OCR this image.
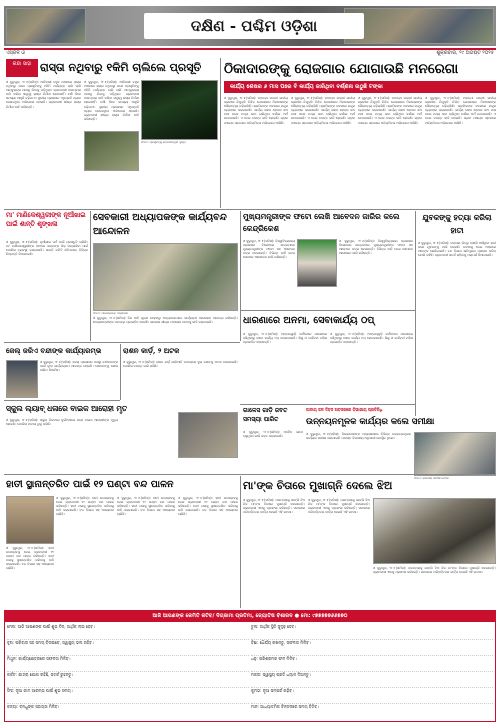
ଦକ୍ଷିଣ - ପଶ୍ଚିମ ଓଡ଼ିଶା
ଏସ୍‌ଜଳ ଓ	ଶୁକ୍ରବାର, ୨୯ ଅଗଷ୍ଟ ୨୦୨୫
କନ୍ଦା ସାହା ରାସ୍ତା ନଥିବାରୁ ୧କିମି ଚାଲିଲେ ପ୍ରସୂତି
ଓ ଦୁରୁପୁର, ୨୮।୮(ସମିସ): ଆଦିବାସୀ ବହୁଳ ଅଞ୍ଚଳରେ ରାସ୍ତା ନଥିବାରୁ ଜଣେ ପ୍ରସୂତିଙ୍କୁ ୧କିମି ପର୍ଯ୍ୟନ୍ତ ଚାଲି ଚାଲି ଆମ୍ବୁଲାନ୍ସ ପାଖକୁ ଯିବାକୁ ପଡ଼ିଥିଲା। ଗ୍ରାମବାସୀ ବାରମ୍ବାର ଦାବି କରିବା ସତ୍ତ୍ୱେ ରାସ୍ତା ନିର୍ମାଣ ହୋଇନାହିଁ। ବର୍ଷା ଦିନେ ସମସ୍ୟା ଆହୁରି ବଢ଼ିଯାଏ। ସ୍ଥାନୀୟ ପ୍ରଶାସନ ଏଥିପ୍ରତି ଧ୍ୟାନ ଦେଉନଥିବା ଅଭିଯୋଗ ହୋଇଛି। ଗ୍ରାମବାସୀ ଶୀଘ୍ର ରାସ୍ତା ନିର୍ମାଣ ଦାବି କରିଛନ୍ତି।
ଓ ଦୁରୁପୁର, ୨୮।୮(ସମିସ): ଆଦିବାସୀ ବହୁଳ ଅଞ୍ଚଳରେ ରାସ୍ତା ନଥିବାରୁ ଜଣେ ପ୍ରସୂତିଙ୍କୁ ୧କିମି ପର୍ଯ୍ୟନ୍ତ ଚାଲି ଚାଲି ଆମ୍ବୁଲାନ୍ସ ପାଖକୁ ଯିବାକୁ ପଡ଼ିଥିଲା। ଗ୍ରାମବାସୀ ବାରମ୍ବାର ଦାବି କରିବା ସତ୍ତ୍ୱେ ରାସ୍ତା ନିର୍ମାଣ ହୋଇନାହିଁ। ବର୍ଷା ଦିନେ ସମସ୍ୟା ଆହୁରି ବଢ଼ିଯାଏ। ସ୍ଥାନୀୟ ପ୍ରଶାସନ ଏଥିପ୍ରତି ଧ୍ୟାନ ଦେଉନଥିବା ଅଭିଯୋଗ ହୋଇଛି। ଗ୍ରାମବାସୀ ଶୀଘ୍ର ରାସ୍ତା ନିର୍ମାଣ ଦାବି କରିଛନ୍ତି।
ଫଟୋ: ପ୍ରସୂତିଙ୍କୁ ନେଇଯାଉଥିବା ଦୃଶ୍ୟ
ଠିକାଦାରଙ୍କୁ ରୋଜଗାର ଯୋଗାଉଛି ମନରେଗା
କାର୍ଯ୍ୟ ଶେଷର ୬ ମାସ ପରେ ବି କାର୍ଯ୍ୟ ଜାରିଥିବା ବର୍ଣ୍ଣନା ଉଠୁଛି ଟଙ୍କା
ଓ ଦୁରୁପୁର, ୨୮।୮(ସମିସ): ମହାତ୍ମା ଗାନ୍ଧୀ ଜାତୀୟ ଗ୍ରାମୀଣ ନିଯୁକ୍ତି ନିଶ୍ଚିତ ଯୋଜନାରେ ଠିକାଦାରଙ୍କ ଦୌରାତ୍ମ୍ୟ ବଢ଼ିଚାଲିଛି। ଶ୍ରମିକଙ୍କ ବଦଳରେ ଯନ୍ତ୍ର ବ୍ୟବହାର କରାଯାଉଛି। କାର୍ଯ୍ୟ ଶେଷ ହେବାର ଛଅ ମାସ ପରେ ମଧ୍ୟ କାମ ଚାଲିଥିବା ଦର୍ଶାଇ ଅର୍ଥ ଉଠାଯାଉଛି। ଏ ନେଇ ତଦନ୍ତ ଦାବି ହୋଇଛି। ଗ୍ରାମ ପଞ୍ଚାୟତ ସ୍ତରରେ ଅନିୟମିତତା ଅଭିଯୋଗ ଆସିଛି।
ଓ ଦୁରୁପୁର, ୨୮।୮(ସମିସ): ମହାତ୍ମା ଗାନ୍ଧୀ ଜାତୀୟ ଗ୍ରାମୀଣ ନିଯୁକ୍ତି ନିଶ୍ଚିତ ଯୋଜନାରେ ଠିକାଦାରଙ୍କ ଦୌରାତ୍ମ୍ୟ ବଢ଼ିଚାଲିଛି। ଶ୍ରମିକଙ୍କ ବଦଳରେ ଯନ୍ତ୍ର ବ୍ୟବହାର କରାଯାଉଛି। କାର୍ଯ୍ୟ ଶେଷ ହେବାର ଛଅ ମାସ ପରେ ମଧ୍ୟ କାମ ଚାଲିଥିବା ଦର୍ଶାଇ ଅର୍ଥ ଉଠାଯାଉଛି। ଏ ନେଇ ତଦନ୍ତ ଦାବି ହୋଇଛି। ଗ୍ରାମ ପଞ୍ଚାୟତ ସ୍ତରରେ ଅନିୟମିତତା ଅଭିଯୋଗ ଆସିଛି।
ଓ ଦୁରୁପୁର, ୨୮।୮(ସମିସ): ମହାତ୍ମା ଗାନ୍ଧୀ ଜାତୀୟ ଗ୍ରାମୀଣ ନିଯୁକ୍ତି ନିଶ୍ଚିତ ଯୋଜନାରେ ଠିକାଦାରଙ୍କ ଦୌରାତ୍ମ୍ୟ ବଢ଼ିଚାଲିଛି। ଶ୍ରମିକଙ୍କ ବଦଳରେ ଯନ୍ତ୍ର ବ୍ୟବହାର କରାଯାଉଛି। କାର୍ଯ୍ୟ ଶେଷ ହେବାର ଛଅ ମାସ ପରେ ମଧ୍ୟ କାମ ଚାଲିଥିବା ଦର୍ଶାଇ ଅର୍ଥ ଉଠାଯାଉଛି। ଏ ନେଇ ତଦନ୍ତ ଦାବି ହୋଇଛି। ଗ୍ରାମ ପଞ୍ଚାୟତ ସ୍ତରରେ ଅନିୟମିତତା ଅଭିଯୋଗ ଆସିଛି।
ଓ ଦୁରୁପୁର, ୨୮।୮(ସମିସ): ମହାତ୍ମା ଗାନ୍ଧୀ ଜାତୀୟ ଗ୍ରାମୀଣ ନିଯୁକ୍ତି ନିଶ୍ଚିତ ଯୋଜନାରେ ଠିକାଦାରଙ୍କ ଦୌରାତ୍ମ୍ୟ ବଢ଼ିଚାଲିଛି। ଶ୍ରମିକଙ୍କ ବଦଳରେ ଯନ୍ତ୍ର ବ୍ୟବହାର କରାଯାଉଛି। କାର୍ଯ୍ୟ ଶେଷ ହେବାର ଛଅ ମାସ ପରେ ମଧ୍ୟ କାମ ଚାଲିଥିବା ଦର୍ଶାଇ ଅର୍ଥ ଉଠାଯାଉଛି। ଏ ନେଇ ତଦନ୍ତ ଦାବି ହୋଇଛି। ଗ୍ରାମ ପଞ୍ଚାୟତ ସ୍ତରରେ ଅନିୟମିତତା ଅଭିଯୋଗ ଆସିଛି।
ମା' ମାଣିକେଶ୍ୱରୀଙ୍କ ନୂଆଁଖାଇ ପାଇଁ ଶାନ୍ତି ଶୃଙ୍ଖଳା
ଓ ଦୁରୁପୁର, ୨୮।୮(ସମିସ): ନୂଆଁଖାଇ ପର୍ବ ପାଇଁ ପ୍ରସ୍ତୁତି ଚାଲିଛି। ମା' ମାଣିକେଶ୍ୱରୀଙ୍କ ପୀଠରେ ଭକ୍ତଙ୍କ ଭିଡ଼ ସମ୍ଭାଳିବା ପାଇଁ ପୋଲିସ ବ୍ୟବସ୍ଥା କରାଯାଇଛି। ଶାନ୍ତି କମିଟି ବୈଠକରେ ବିଭିନ୍ନ ନିଷ୍ପତ୍ତି ନିଆଯାଇଛି।
ସେବକାରୀ ଅଧ୍ୟାପକଙ୍କ କାର୍ଯ୍ୟବନ୍ଦ ଆନ୍ଦୋଳନ
ଫଟୋ: ଆନ୍ଦୋଳନରେ ଅଧ୍ୟାପକ
ଓ ଦୁରୁପୁର, ୨୮।୮(ସମିସ): ନିଜ ଦାବି ପୂରଣ ନହେବାରୁ ଅଧ୍ୟାପକମାନେ କାର୍ଯ୍ୟବନ୍ଦ ଆନ୍ଦୋଳନ ଆରମ୍ଭ କରିଛନ୍ତି। ଛାତ୍ରଛାତ୍ରୀଙ୍କ ପାଠପଢ଼ା ପ୍ରଭାବିତ ହେଉଛି। ସରକାର ଶୀଘ୍ର ପଦକ୍ଷେପ ନେବାକୁ ଦାବି କରାଯାଇଛି।
ମୁଖ୍ୟମନ୍ତ୍ରୀଙ୍କ ଫଟୋ ଲେଖି ଆବେଦନ ଜାରିର କଲେ କେନ୍ଦ୍ରିକେଶ
ଓ ଦୁରୁପୁର, ୨୮।୮(ସମିସ): ବିଶ୍ୱବିଦ୍ୟାଳୟ ପ୍ରଶାସନ ବିରୋଧରେ ଛାତ୍ରମାନେ ମୁଖ୍ୟମନ୍ତ୍ରୀଙ୍କ ଫଟୋ ସହ ଆବେଦନ ପତ୍ର ଦେଇଛନ୍ତି। ବିଭିନ୍ନ ଦାବି ନେଇ ସେମାନେ ଆନ୍ଦୋଳନ ଜାରି ରଖିଛନ୍ତି।
ଓ ଦୁରୁପୁର, ୨୮।୮(ସମିସ): ବିଶ୍ୱବିଦ୍ୟାଳୟ ପ୍ରଶାସନ ବିରୋଧରେ ଛାତ୍ରମାନେ ମୁଖ୍ୟମନ୍ତ୍ରୀଙ୍କ ଫଟୋ ସହ ଆବେଦନ ପତ୍ର ଦେଇଛନ୍ତି। ବିଭିନ୍ନ ଦାବି ନେଇ ସେମାନେ ଆନ୍ଦୋଳନ ଜାରି ରଖିଛନ୍ତି।
ଯୁବକଙ୍କୁ ହତ୍ୟା କରିଲା ହାତୀ
ଓ ଦୁରୁପୁର, ୨୮।୮(ସମିସ): ଜଙ୍ଗଲ ଭିତରୁ ବାହାରି ଆସିଥିବା ହାତୀ ଜଣେ ଯୁବକଙ୍କୁ ମାରି ଦେଇଛି। ଘଟଣାକୁ ନେଇ ଅଞ୍ଚଳରେ ଆତଙ୍କ ଖେଳିଯାଇଛି। ବନ ବିଭାଗ କ୍ଷତିପୂରଣ ପ୍ରଦାନ କରିବ ବୋଲି କହିଛି। ଗ୍ରାମବାସୀ ସତର୍କ ରହିବାକୁ ପରାମର୍ଶ ଦିଆଯାଇଛି।
ଧାରଣାରେ ଅନମା, ସେବାକାର୍ଯ୍ୟ ଠପ୍
ଓ ଦୁରୁପୁର, ୨୮।୮(ସମିସ): ଅଙ୍ଗନୱାଡ଼ି କର୍ମୀମାନେ ଧାରଣାରେ ବସିଥିବାରୁ ସେବା କାର୍ଯ୍ୟ ଠପ୍ ହୋଇଯାଇଛି। ଶିଶୁ ଓ ଗର୍ଭବତୀ ମହିଳା ପ୍ରଭାବିତ ହେଉଛନ୍ତି।
ଓ ଦୁରୁପୁର, ୨୮।୮(ସମିସ): ଅଙ୍ଗନୱାଡ଼ି କର୍ମୀମାନେ ଧାରଣାରେ ବସିଥିବାରୁ ସେବା କାର୍ଯ୍ୟ ଠପ୍ ହୋଇଯାଇଛି। ଶିଶୁ ଓ ଗର୍ଭବତୀ ମହିଳା ପ୍ରଭାବିତ ହେଉଛନ୍ତି।
ଜେଲ୍ ଜରିଏ ବନ୍ଦୀଙ୍କ କାର୍ଯ୍ୟାରମ୍ଭ
ଓ ଦୁରୁପୁର, ୨୮।୮(ସମିସ): ଜେଲ୍ ପ୍ରଶାସନ ପକ୍ଷରୁ ବନ୍ଦୀମାନଙ୍କ ପାଇଁ ନୂଆ କାର୍ଯ୍ୟକ୍ରମ ଆରମ୍ଭ ହୋଇଛି। ସେମାନଙ୍କୁ ଦକ୍ଷତା ତାଲିମ ଦିଆଯିବ।
ରାଶନ କାର୍ଡ଼, ୨ ଅଟକ
ଓ ଦୁରୁପୁର, ୨୮।୮(ସମିସ): ରାଶନ କାର୍ଡ଼ ଜାଲିଆତି ମାମଲାରେ ଦୁଇ ଜଣଙ୍କୁ ଅଟକ ରଖାଯାଇଛି। ପୋଲିସ ତଦନ୍ତ ଜାରି ରଖିଛି।
ସ୍କୁଲ ଲ୍ୟାବ୍ ଧଳାରେ ବାଇକ ଆରୋହୀ ମୃତ
ଓ ଦୁରୁପୁର, ୨୮।୮(ସମିସ): ସ୍କୁଲ ନିକଟରେ ଦୁର୍ଘଟଣାରେ ଜଣେ ବାଇକ ଆରୋହୀଙ୍କ ମୃତ୍ୟୁ ହୋଇଛି। ପୋଲିସ ମାମଲା ରୁଜୁ କରିଛି।
ଗାଳେସ ଗାଡ଼ି ଜବତ ସମସ୍ୟା ପାରିତ
ଓ ଦୁରୁପୁର, ୨୮।୮(ସମିସ): ଅବୈଧ ଭାବେ ଚାଲୁଥିବା ଗାଡ଼ି ଜବତ କରାଯାଇଛି।
ଜାତୀୟ ଜଳ ଦିବସ ଅବସରରେ ବିଭାଗୀୟ ପ୍ରତିନିଧି
ଉନ୍ନୟନମୂଳକ କାର୍ଯ୍ୟର କଲେ ସମୀକ୍ଷା
ଓ ଦୁରୁପୁର, ୨୮।୮(ସମିସ): ଜିଲ୍ଲାପାଳଙ୍କ ଅଧ୍ୟକ୍ଷତାରେ ବିଭିନ୍ନ ଉନ୍ନୟନମୂଳକ କାର୍ଯ୍ୟର ସମୀକ୍ଷା କରାଯାଇଛି। ସମସ୍ତ ବିଭାଗୀୟ ଅଧିକାରୀ ଉପସ୍ଥିତ ଥିଲେ।
ଫଟୋ: ବିଭାଗୀୟ ସମୀକ୍ଷା ବୈଠକ
ହାତୀ ସ୍ଥାନାନ୍ତରିତ ପାଇଁ ୧୨ ଘଣ୍ଟା ବନ୍ଦ ପାଳନ
ଓ ଦୁରୁପୁର, ୨୮।୮(ସମିସ): ହାତୀ ଉପଦ୍ରବକୁ ନେଇ ଗ୍ରାମବାସୀ ୧୨ ଘଣ୍ଟା ବନ୍ଦ ପାଳନ କରିଛନ୍ତି। ହାତୀ ପଲକୁ ସ୍ଥାନାନ୍ତରିତ କରିବାକୁ ଦାବି କରାଯାଇଛି। ବନ ବିଭାଗ ସହ ଆଲୋଚନା ଚାଲିଛି।
ଓ ଦୁରୁପୁର, ୨୮।୮(ସମିସ): ହାତୀ ଉପଦ୍ରବକୁ ନେଇ ଗ୍ରାମବାସୀ ୧୨ ଘଣ୍ଟା ବନ୍ଦ ପାଳନ କରିଛନ୍ତି। ହାତୀ ପଲକୁ ସ୍ଥାନାନ୍ତରିତ କରିବାକୁ ଦାବି କରାଯାଇଛି। ବନ ବିଭାଗ ସହ ଆଲୋଚନା ଚାଲିଛି।
ଓ ଦୁରୁପୁର, ୨୮।୮(ସମିସ): ହାତୀ ଉପଦ୍ରବକୁ ନେଇ ଗ୍ରାମବାସୀ ୧୨ ଘଣ୍ଟା ବନ୍ଦ ପାଳନ କରିଛନ୍ତି। ହାତୀ ପଲକୁ ସ୍ଥାନାନ୍ତରିତ କରିବାକୁ ଦାବି କରାଯାଇଛି। ବନ ବିଭାଗ ସହ ଆଲୋଚନା ଚାଲିଛି।
ଓ ଦୁରୁପୁର, ୨୮।୮(ସମିସ): ହାତୀ ଉପଦ୍ରବକୁ ନେଇ ଗ୍ରାମବାସୀ ୧୨ ଘଣ୍ଟା ବନ୍ଦ ପାଳନ କରିଛନ୍ତି। ହାତୀ ପଲକୁ ସ୍ଥାନାନ୍ତରିତ କରିବାକୁ ଦାବି କରାଯାଇଛି। ବନ ବିଭାଗ ସହ ଆଲୋଚନା ଚାଲିଛି।
ମା'ଙ୍କ ଚିତାରେ ମୁଖାଗ୍ନି ଦେଲେ ଝିଅ
ଓ ଦୁରୁପୁର, ୨୮।୮(ସମିସ): ପରମ୍ପରାକୁ ଭାଙ୍ଗି ଝିଅ ନିଜ ମା'ଙ୍କ ଚିତାରେ ମୁଖାଗ୍ନି ଦେଇଛନ୍ତି। ଗ୍ରାମବାସୀ ଏହାକୁ ପ୍ରଶଂସା କରିଛନ୍ତି। ସମାଜରେ ପରିବର୍ତ୍ତନର ବାର୍ତ୍ତା ଦେଇଛି ଏହି ଘଟଣା।
ଓ ଦୁରୁପୁର, ୨୮।୮(ସମିସ): ପରମ୍ପରାକୁ ଭାଙ୍ଗି ଝିଅ ନିଜ ମା'ଙ୍କ ଚିତାରେ ମୁଖାଗ୍ନି ଦେଇଛନ୍ତି। ଗ୍ରାମବାସୀ ଏହାକୁ ପ୍ରଶଂସା କରିଛନ୍ତି। ସମାଜରେ ପରିବର୍ତ୍ତନର ବାର୍ତ୍ତା ଦେଇଛି ଏହି ଘଟଣା।
ଓ ଦୁରୁପୁର, ୨୮।୮(ସମିସ): ପରମ୍ପରାକୁ ଭାଙ୍ଗି ଝିଅ ନିଜ ମା'ଙ୍କ ଚିତାରେ ମୁଖାଗ୍ନି ଦେଇଛନ୍ତି। ଗ୍ରାମବାସୀ ଏହାକୁ ପ୍ରଶଂସା କରିଛନ୍ତି। ସମାଜରେ ପରିବର୍ତ୍ତନର ବାର୍ତ୍ତା ଦେଇଛି ଏହି ଘଟଣା।
ଆଜି ଆପଣଙ୍କ କେମିତି କଟିବ/ ଦିଗ୍‌ଜାମା ପ୍ରତିମା, ଜ୍ୟୋତିଷ ବିଶାରଦ ● ମୋ: ୯୭୭୭୭୭୬୬୭୭୦
ମେଷ: ଆଜି ଆପଣଙ୍କ ପାଇଁ ଶୁଭ ଦିନ, ଆର୍ଥିକ ଲାଭ ହେବ।
ବୃଷ: ପରିବାର ସହ ସମୟ ବିତାଇବେ, ସ୍ୱାସ୍ଥ୍ୟ ଭଲ ରହିବ।
ମିଥୁନ: କାର୍ଯ୍ୟକ୍ଷେତ୍ରରେ ସଫଳତା ମିଳିବ।
କର୍କଟ: ଯାତ୍ରା ଯୋଗ ରହିଛି, ସତର୍କ ରୁହନ୍ତୁ।
ସିଂହ: ନୂଆ କାମ ଆରମ୍ଭ ପାଇଁ ଶୁଭ ସମୟ।
କନ୍ୟା: ବନ୍ଧୁଙ୍କ ସହାୟତା ମିଳିବ।
ତୁଳା: ଆର୍ଥିକ ସ୍ଥିତି ସୁଦୃଢ଼ ହେବ।
ବିଛା: ଧୈର୍ଯ୍ୟ ରଖନ୍ତୁ, ସଫଳତା ମିଳିବ।
ଧନୁ: ପରିଶ୍ରମର ଫଳ ମିଳିବ।
ମକର: ସ୍ୱାସ୍ଥ୍ୟ ପ୍ରତି ଧ୍ୟାନ ଦିଅନ୍ତୁ।
କୁମ୍ଭ: ନୂଆ ସମ୍ପର୍କ ଗଢ଼ିବ।
ମୀନ: ଆଧ୍ୟାତ୍ମିକ ଚିନ୍ତନରେ ସମୟ ବିତିବ।
